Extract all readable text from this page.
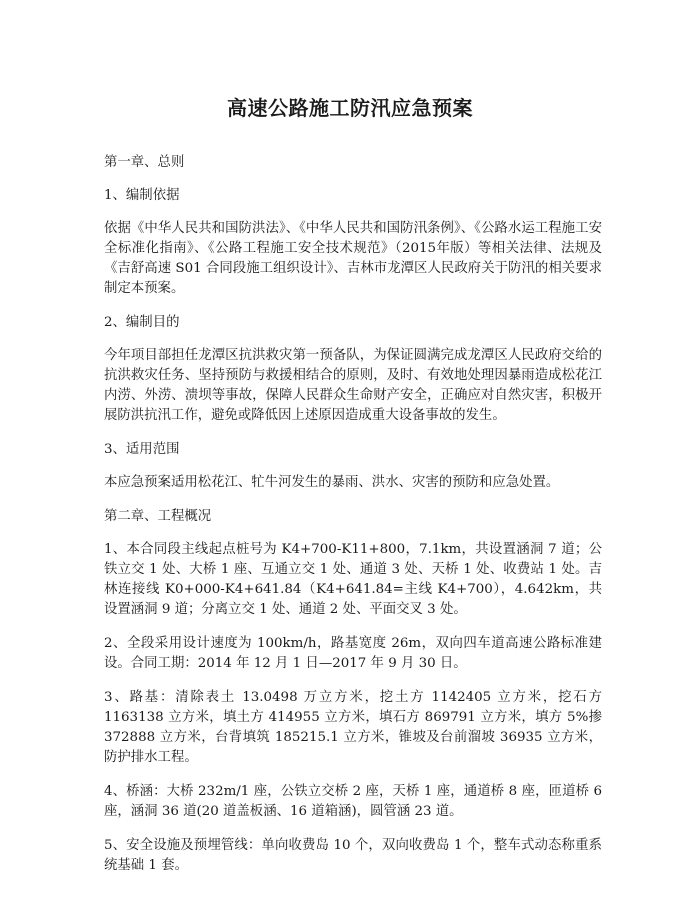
高速公路施工防汛应急预案

第一章、总则

1、编制依据

依据《中华人民共和国防洪法》、《中华人民共和国防汛条例》、《公路水运工程施工安全标准化指南》、《公路工程施工安全技术规范》（2015年版）等相关法律、法规及《吉舒高速 S01 合同段施工组织设计》、吉林市龙潭区人民政府关于防汛的相关要求制定本预案。

2、编制目的

今年项目部担任龙潭区抗洪救灾第一预备队，为保证圆满完成龙潭区人民政府交给的抗洪救灾任务、坚持预防与救援相结合的原则，及时、有效地处理因暴雨造成松花江内涝、外涝、溃坝等事故，保障人民群众生命财产安全，正确应对自然灾害，积极开展防洪抗汛工作，避免或降低因上述原因造成重大设备事故的发生。

3、适用范围

本应急预案适用松花江、牤牛河发生的暴雨、洪水、灾害的预防和应急处置。

第二章、工程概况

1、本合同段主线起点桩号为 K4+700-K11+800，7.1km，共设置涵洞 7 道；公铁立交 1 处、大桥 1 座、互通立交 1 处、通道 3 处、天桥 1 处、收费站 1 处。吉林连接线 K0+000-K4+641.84（K4+641.84=主线 K4+700），4.642km，共设置涵洞 9 道；分离立交 1 处、通道 2 处、平面交叉 3 处。

2、全段采用设计速度为 100km/h，路基宽度 26m，双向四车道高速公路标准建设。合同工期：2014 年 12 月 1 日—2017 年 9 月 30 日。

3、路基：清除表土 13.0498 万立方米，挖土方 1142405 立方米，挖石方 1163138 立方米，填土方 414955 立方米，填石方 869791 立方米，填方 5%掺 372888 立方米，台背填筑 185215.1 立方米，锥坡及台前溜坡 36935 立方米，防护排水工程。

4、桥涵：大桥 232m/1 座，公铁立交桥 2 座，天桥 1 座，通道桥 8 座，匝道桥 6 座，涵洞 36 道(20 道盖板涵、16 道箱涵)，圆管涵 23 道。

5、安全设施及预埋管线：单向收费岛 10 个，双向收费岛 1 个，整车式动态称重系统基础 1 套。
